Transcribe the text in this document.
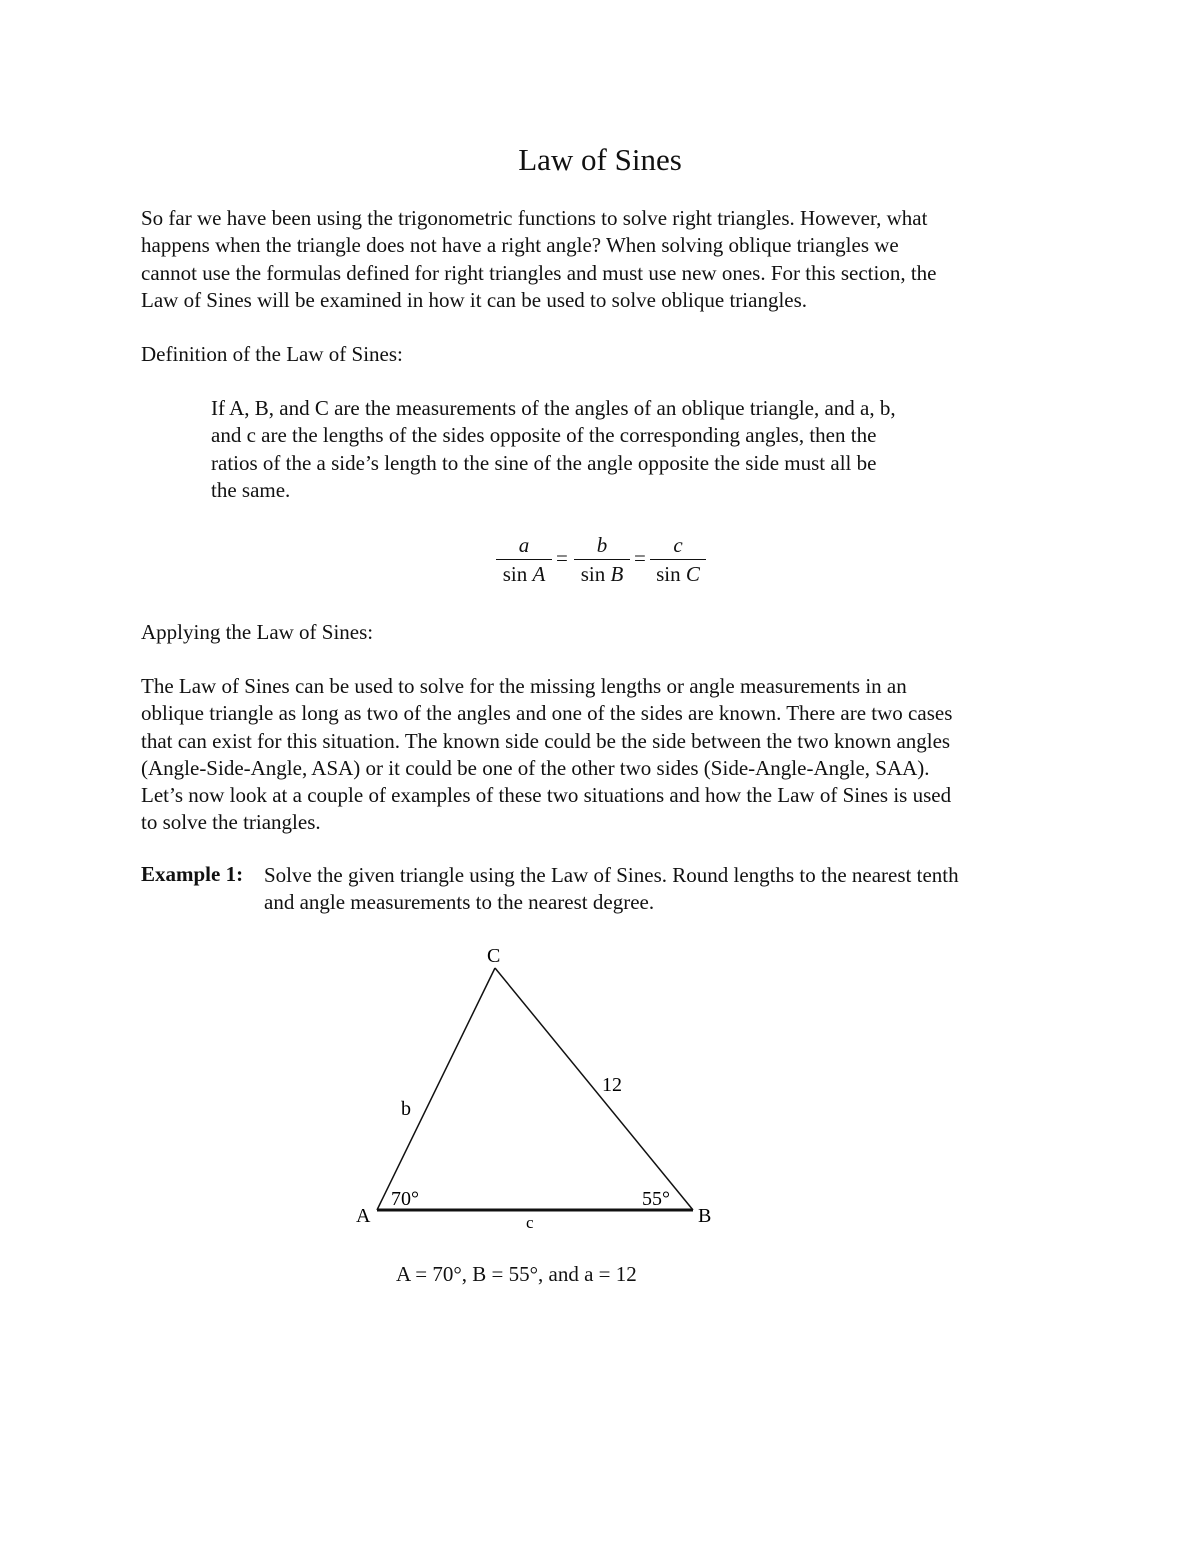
Law of Sines

So far we have been using the trigonometric functions to solve right triangles. However, what

happens when the triangle does not have a right angle? When solving oblique triangles we

cannot use the formulas defined for right triangles and must use new ones. For this section, the

Law of Sines will be examined in how it can be used to solve oblique triangles.

Definition of the Law of Sines:

If A, B, and C are the measurements of the angles of an oblique triangle, and a, b,

and c are the lengths of the sides opposite of the corresponding angles, then the

ratios of the a side’s length to the sine of the angle opposite the side must all be

the same.

a
sin A
=
b
sin B
=
c
sin C

Applying the Law of Sines:

The Law of Sines can be used to solve for the missing lengths or angle measurements in an

oblique triangle as long as two of the angles and one of the sides are known. There are two cases

that can exist for this situation. The known side could be the side between the two known angles

(Angle-Side-Angle, ASA) or it could be one of the other two sides (Side-Angle-Angle, SAA).

Let’s now look at a couple of examples of these two situations and how the Law of Sines is used

to solve the triangles.

Example 1: Solve the given triangle using the Law of Sines. Round lengths to the nearest tenth

and angle measurements to the nearest degree.

C
A	B
b
12
c
70°	55°
A = 70°, B = 55°, and a = 12
